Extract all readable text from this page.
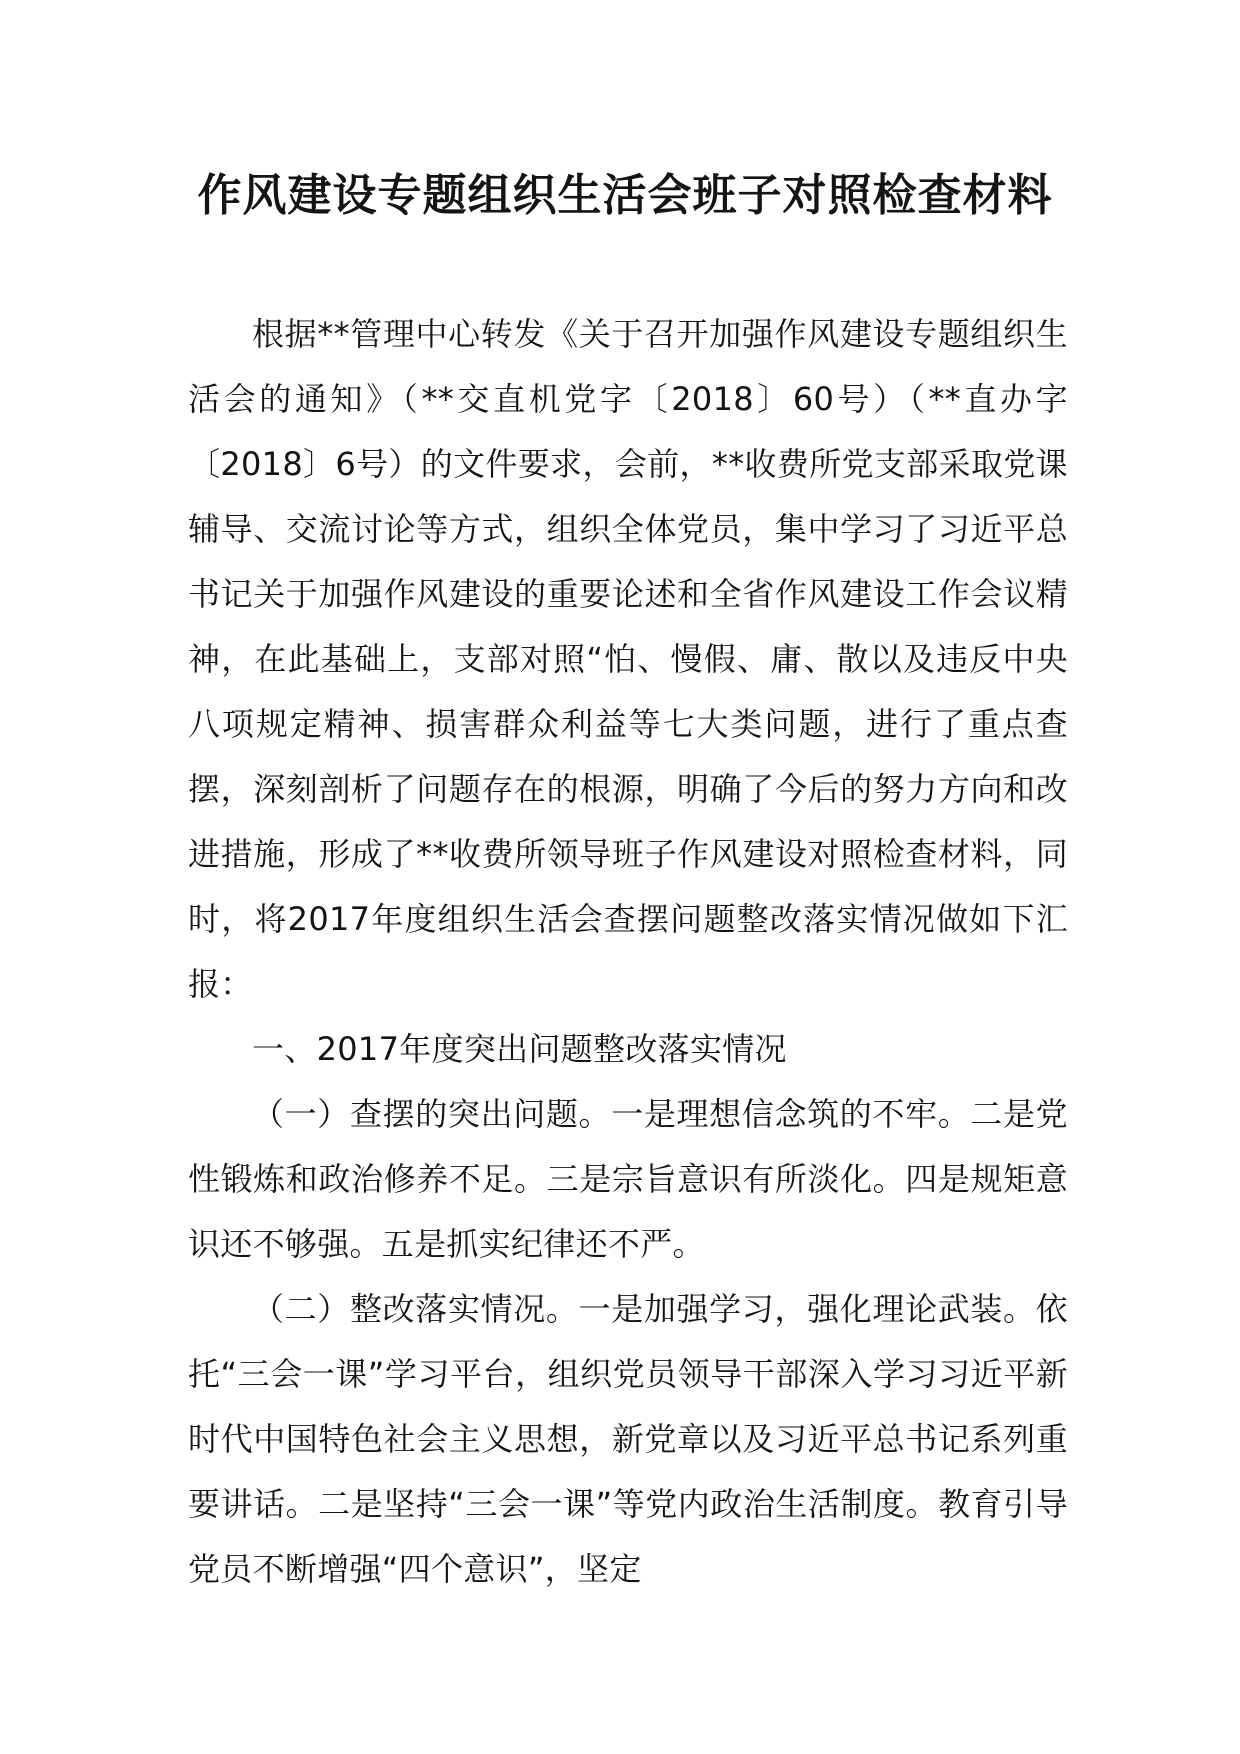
作风建设专题组织生活会班子对照检查材料

根据**管理中心转发《关于召开加强作风建设专题组织生活会的通知》（**交直机党字〔2018〕60号）（**直办字〔2018〕6号）的文件要求，会前，**收费所党支部采取党课辅导、交流讨论等方式，组织全体党员，集中学习了习近平总书记关于加强作风建设的重要论述和全省作风建设工作会议精神，在此基础上，支部对照“怕、慢假、庸、散以及违反中央八项规定精神、损害群众利益等七大类问题，进行了重点查摆，深刻剖析了问题存在的根源，明确了今后的努力方向和改进措施，形成了**收费所领导班子作风建设对照检查材料，同时，将2017年度组织生活会查摆问题整改落实情况做如下汇报：

一、2017年度突出问题整改落实情况

（一）查摆的突出问题。一是理想信念筑的不牢。二是党性锻炼和政治修养不足。三是宗旨意识有所淡化。四是规矩意识还不够强。五是抓实纪律还不严。

（二）整改落实情况。一是加强学习，强化理论武装。依托“三会一课”学习平台，组织党员领导干部深入学习习近平新时代中国特色社会主义思想，新党章以及习近平总书记系列重要讲话。二是坚持“三会一课”等党内政治生活制度。教育引导党员不断增强“四个意识”，坚定
